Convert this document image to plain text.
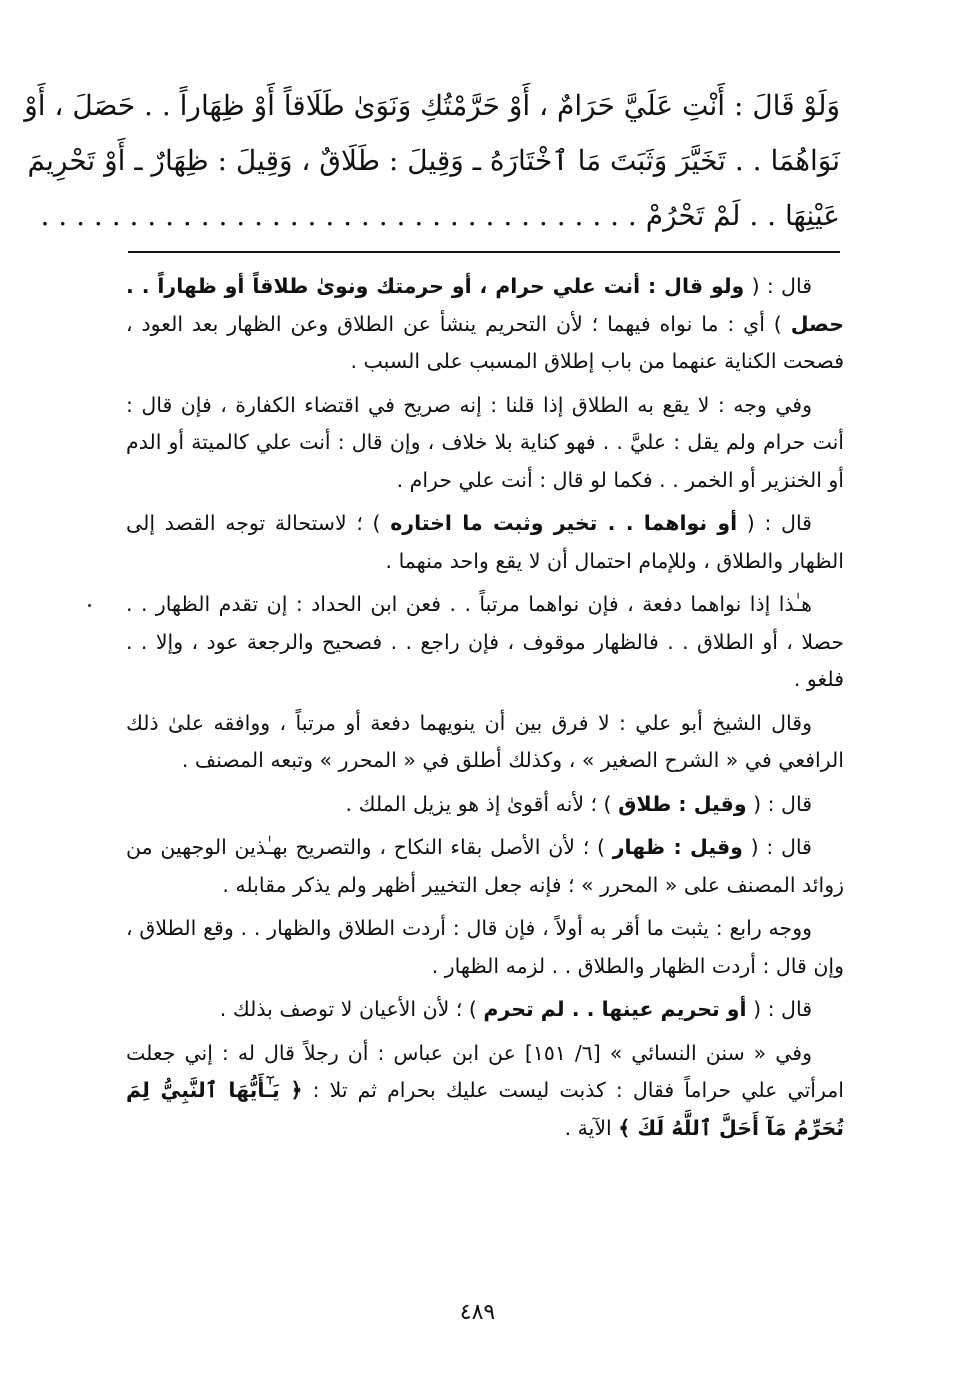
وَلَوْ قَالَ : أَنْتِ عَلَيَّ حَرَامٌ ، أَوْ حَرَّمْتُكِ وَنَوَىٰ طَلَاقاً أَوْ ظِهَاراً . . حَصَلَ ، أَوْ
نَوَاهُمَا . . تَخَيَّرَ وَثَبَتَ مَا ٱخْتَارَهُ ـ وَقِيلَ : طَلَاقٌ ، وَقِيلَ : ظِهَارٌ ـ أَوْ تَحْرِيمَ
عَيْنِهَا . . لَمْ تَحْرُمْ . . . . . . . . . . . . . . . . . . . . . . . . . . . . . . . . . .

قال : ( ولو قال : أنت علي حرام ، أو حرمتك ونوىٰ طلاقاً أو ظهاراً . . حصل ) أي : ما نواه فيهما ؛ لأن التحريم ينشأ عن الطلاق وعن الظهار بعد العود ، فصحت الكناية عنهما من باب إطلاق المسبب على السبب .

وفي وجه : لا يقع به الطلاق إذا قلنا : إنه صريح في اقتضاء الكفارة ، فإن قال : أنت حرام ولم يقل : عليَّ . . فهو كناية بلا خلاف ، وإن قال : أنت علي كالميتة أو الدم أو الخنزير أو الخمر . . فكما لو قال : أنت علي حرام .

قال : ( أو نواهما . . تخير وثبت ما اختاره ) ؛ لاستحالة توجه القصد إلى الظهار والطلاق ، وللإمام احتمال أن لا يقع واحد منهما .

هـٰذا إذا نواهما دفعة ، فإن نواهما مرتباً . . فعن ابن الحداد : إن تقدم الظهار . . حصلا ، أو الطلاق . . فالظهار موقوف ، فإن راجع . . فصحيح والرجعة عود ، وإلا . . فلغو .

وقال الشيخ أبو علي : لا فرق بين أن ينويهما دفعة أو مرتباً ، ووافقه علىٰ ذلك الرافعي في « الشرح الصغير » ، وكذلك أطلق في « المحرر » وتبعه المصنف .

قال : ( وقيل : طلاق ) ؛ لأنه أقوىٰ إذ هو يزيل الملك .

قال : ( وقيل : ظهار ) ؛ لأن الأصل بقاء النكاح ، والتصريح بهـٰذين الوجهين من زوائد المصنف على « المحرر » ؛ فإنه جعل التخيير أظهر ولم يذكر مقابله .

ووجه رابع : يثبت ما أقر به أولاً ، فإن قال : أردت الطلاق والظهار . . وقع الطلاق ، وإن قال : أردت الظهار والطلاق . . لزمه الظهار .

قال : ( أو تحريم عينها . . لم تحرم ) ؛ لأن الأعيان لا توصف بذلك .

وفي « سنن النسائي » [٦/ ١٥١] عن ابن عباس : أن رجلاً قال له : إني جعلت امرأتي علي حراماً فقال : كذبت ليست عليك بحرام ثم تلا : ﴿ يَـٰٓأَيُّهَا ٱلنَّبِيُّ لِمَ تُحَرِّمُ مَآ أَحَلَّ ٱللَّهُ لَكَ ﴾ الآية .

٤٨٩
